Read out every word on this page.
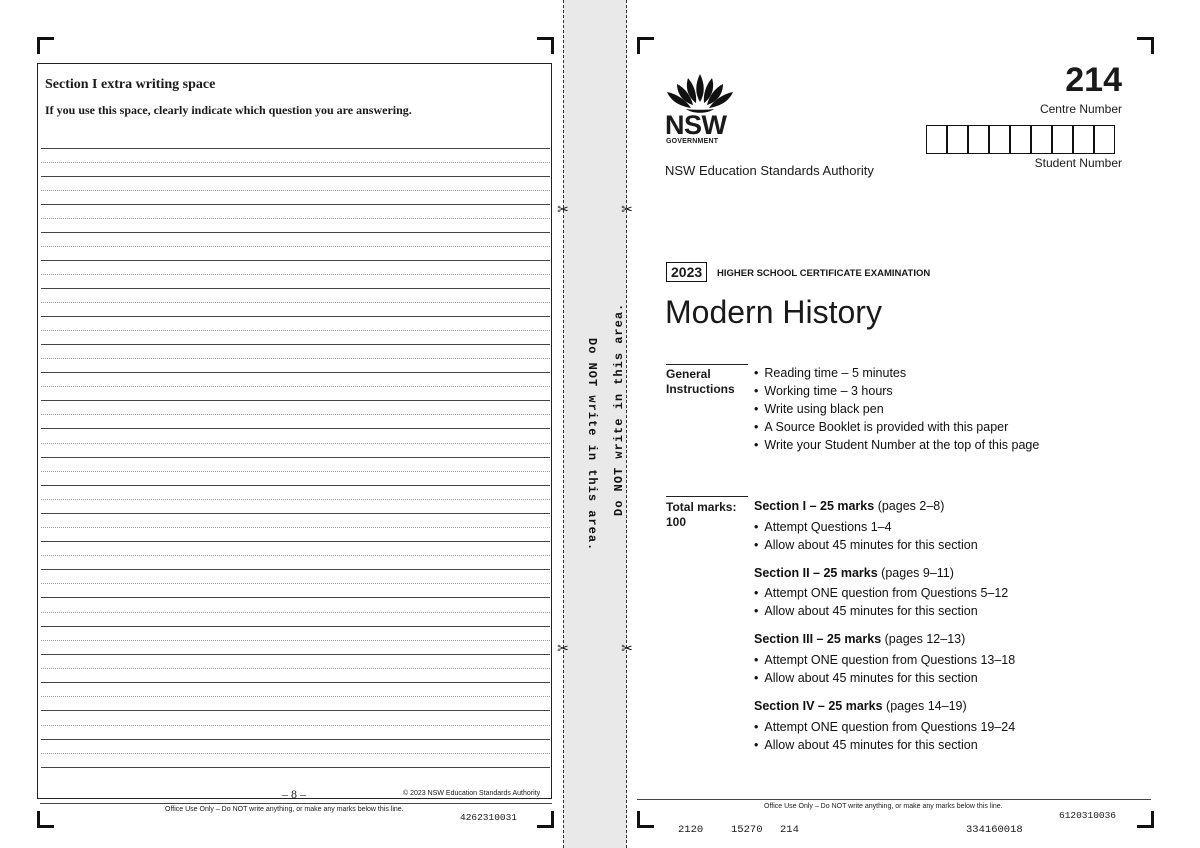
Section I extra writing space
If you use this space, clearly indicate which question you are answering.
– 8 –	© 2023 NSW Education Standards Authority
Office Use Only – Do NOT write anything, or make any marks below this line.
4262310031
Do NOT write in this area. Do NOT write in this area.
✂	✂
✂	✂
NSW
GOVERNMENT
NSW Education Standards Authority
214
Centre Number
Student Number
2023	HIGHER SCHOOL CERTIFICATE EXAMINATION
Modern History
General
Instructions
• Reading time – 5 minutes
• Working time – 3 hours
• Write using black pen
• A Source Booklet is provided with this paper
• Write your Student Number at the top of this page
Total marks:
100
Section I – 25 marks (pages 2–8)
• Attempt Questions 1–4
• Allow about 45 minutes for this section
Section II – 25 marks (pages 9–11)
• Attempt ONE question from Questions 5–12
• Allow about 45 minutes for this section
Section III – 25 marks (pages 12–13)
• Attempt ONE question from Questions 13–18
• Allow about 45 minutes for this section
Section IV – 25 marks (pages 14–19)
• Attempt ONE question from Questions 19–24
• Allow about 45 minutes for this section
Office Use Only – Do NOT write anything, or make any marks below this line.
6120310036
2120	15270 214	334160018
